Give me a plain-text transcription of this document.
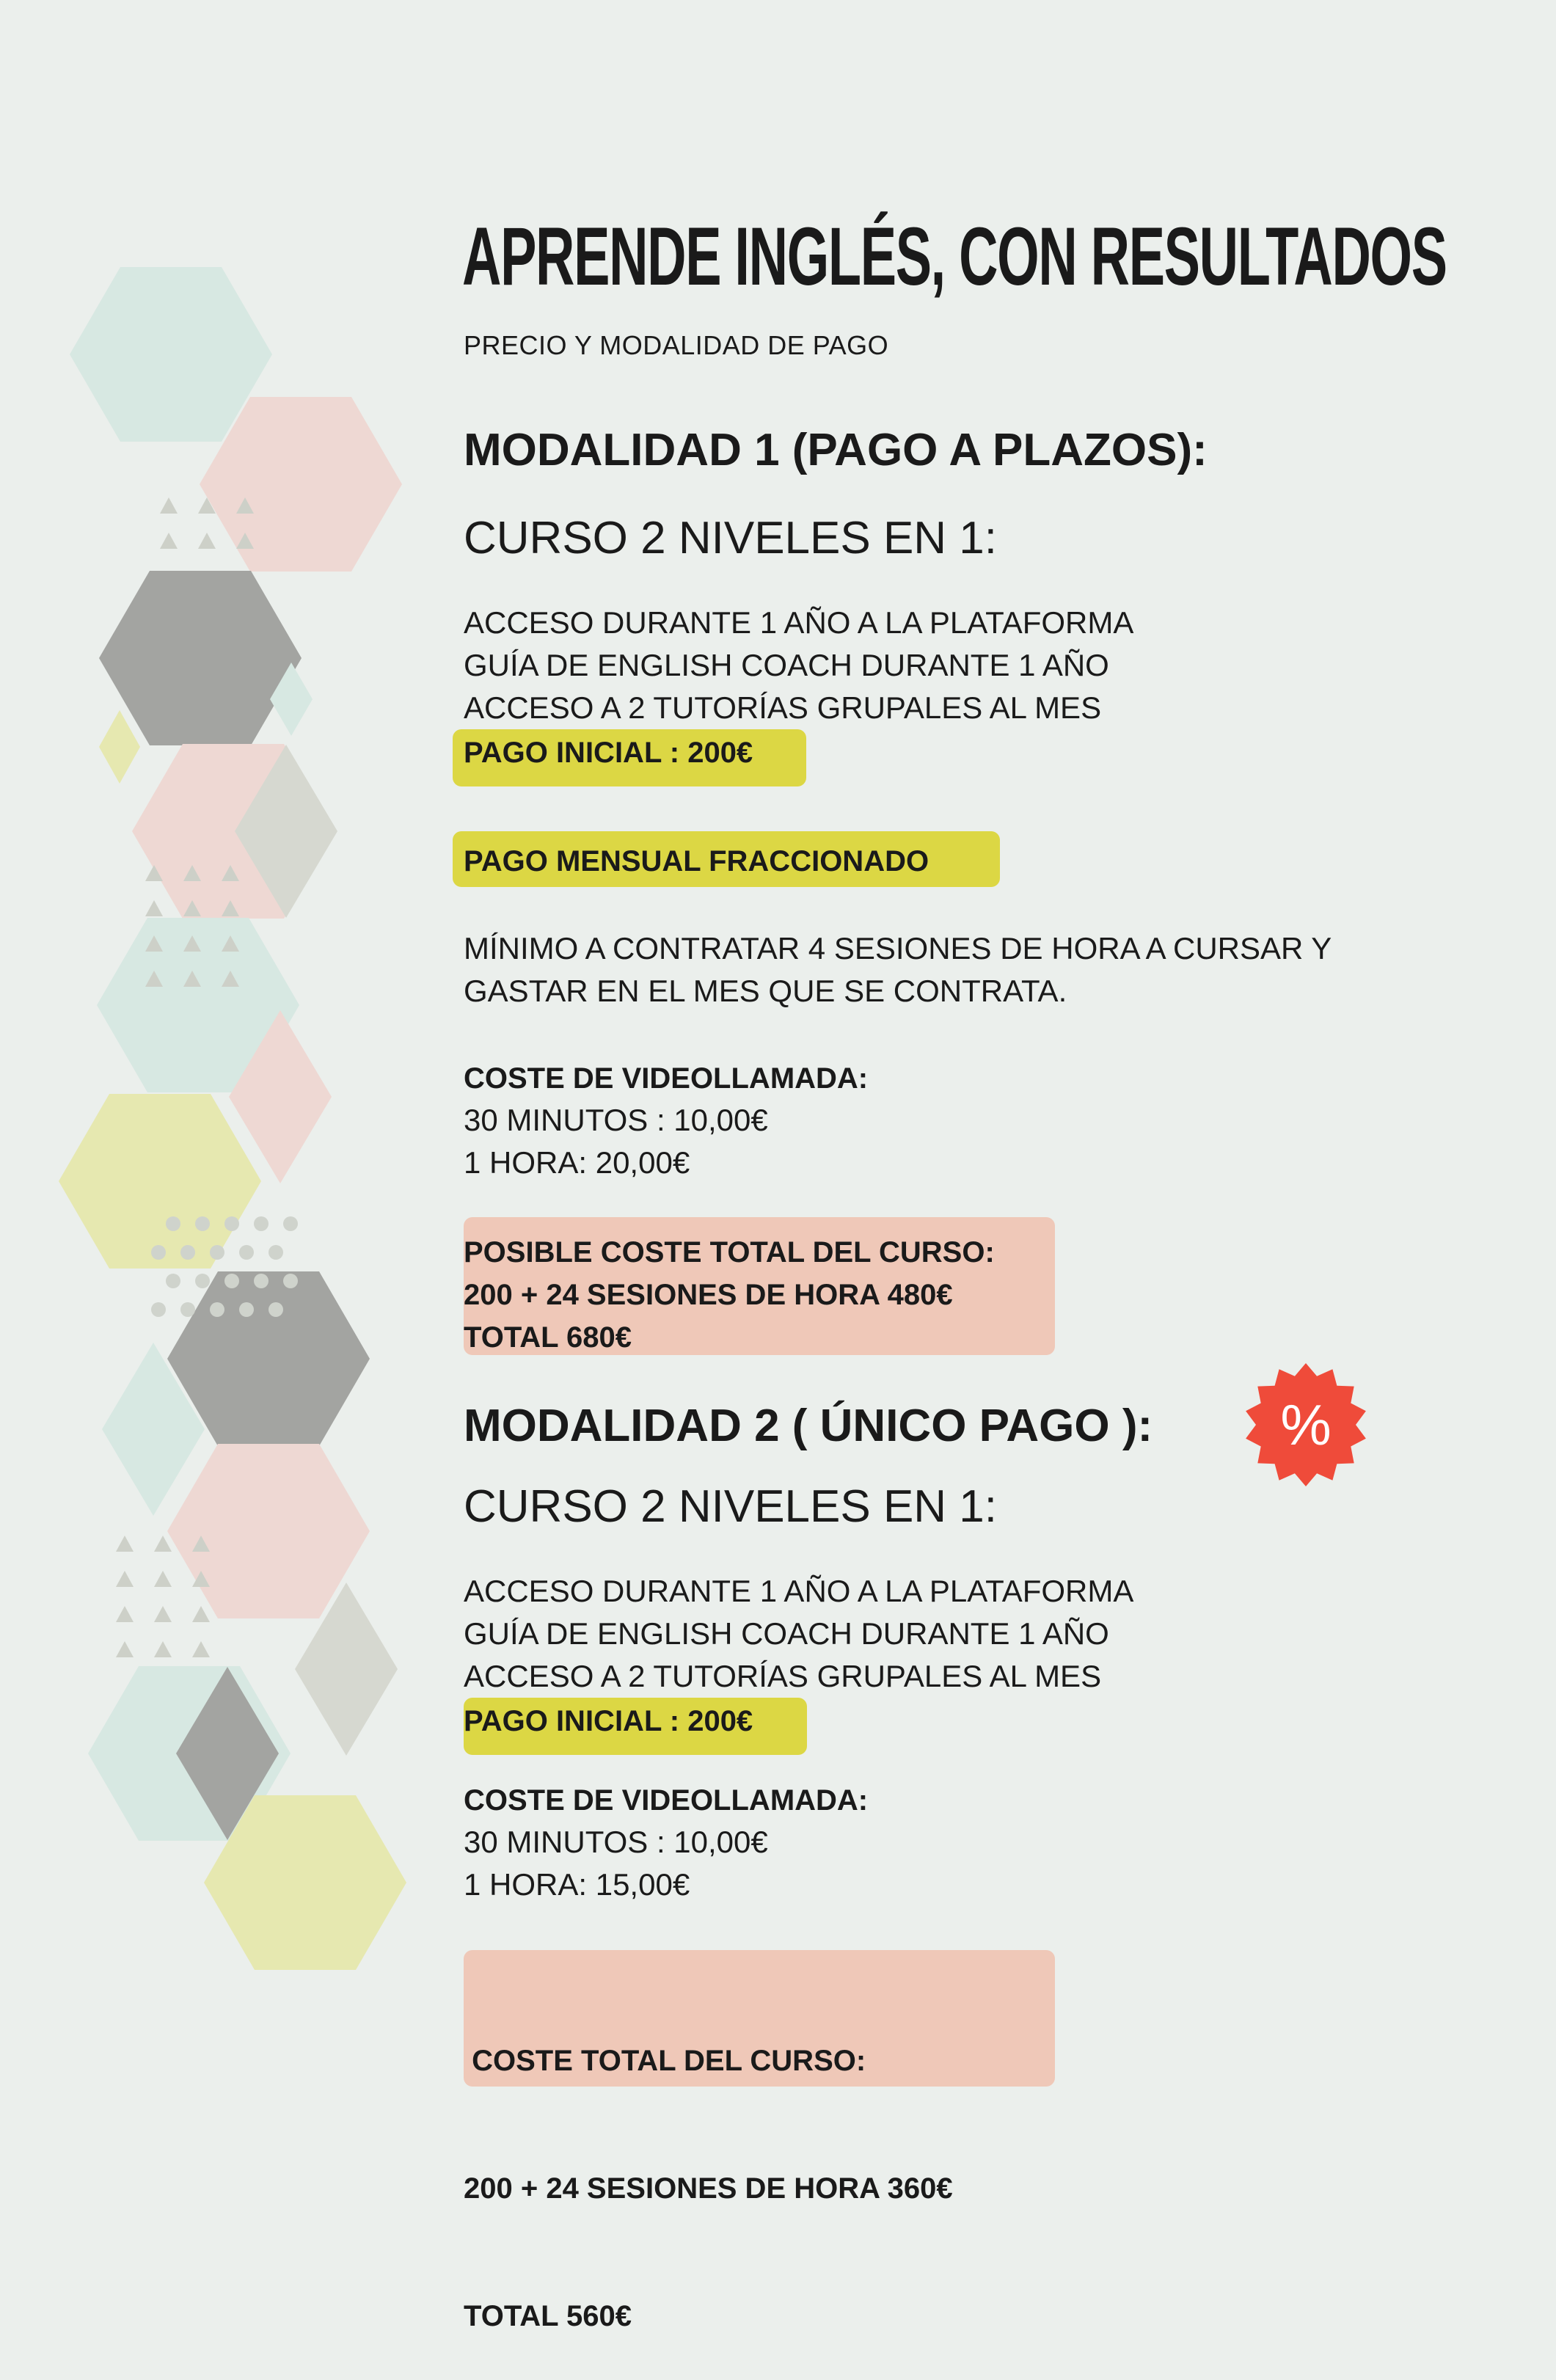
APRENDE INGLÉS, CON RESULTADOS
PRECIO Y MODALIDAD DE PAGO
MODALIDAD 1 (PAGO A PLAZOS):
CURSO 2 NIVELES EN 1:
ACCESO DURANTE 1 AÑO A LA PLATAFORMA
GUÍA DE ENGLISH COACH DURANTE 1 AÑO
ACCESO A 2 TUTORÍAS GRUPALES AL MES
PAGO INICIAL : 200€
PAGO MENSUAL FRACCIONADO
MÍNIMO A CONTRATAR 4 SESIONES DE HORA A CURSAR Y
GASTAR EN EL MES QUE SE CONTRATA.
COSTE DE VIDEOLLAMADA:
30 MINUTOS : 10,00€
1 HORA: 20,00€
POSIBLE COSTE TOTAL DEL CURSO:
200 + 24 SESIONES DE HORA 480€
TOTAL 680€
MODALIDAD 2 ( ÚNICO PAGO ):	%
CURSO 2 NIVELES EN 1:
ACCESO DURANTE 1 AÑO A LA PLATAFORMA
GUÍA DE ENGLISH COACH DURANTE 1 AÑO
ACCESO A 2 TUTORÍAS GRUPALES AL MES
PAGO INICIAL : 200€
COSTE DE VIDEOLLAMADA:
30 MINUTOS : 10,00€
1 HORA: 15,00€

COSTE TOTAL DEL CURSO:

200 + 24 SESIONES DE HORA 360€

TOTAL 560€
